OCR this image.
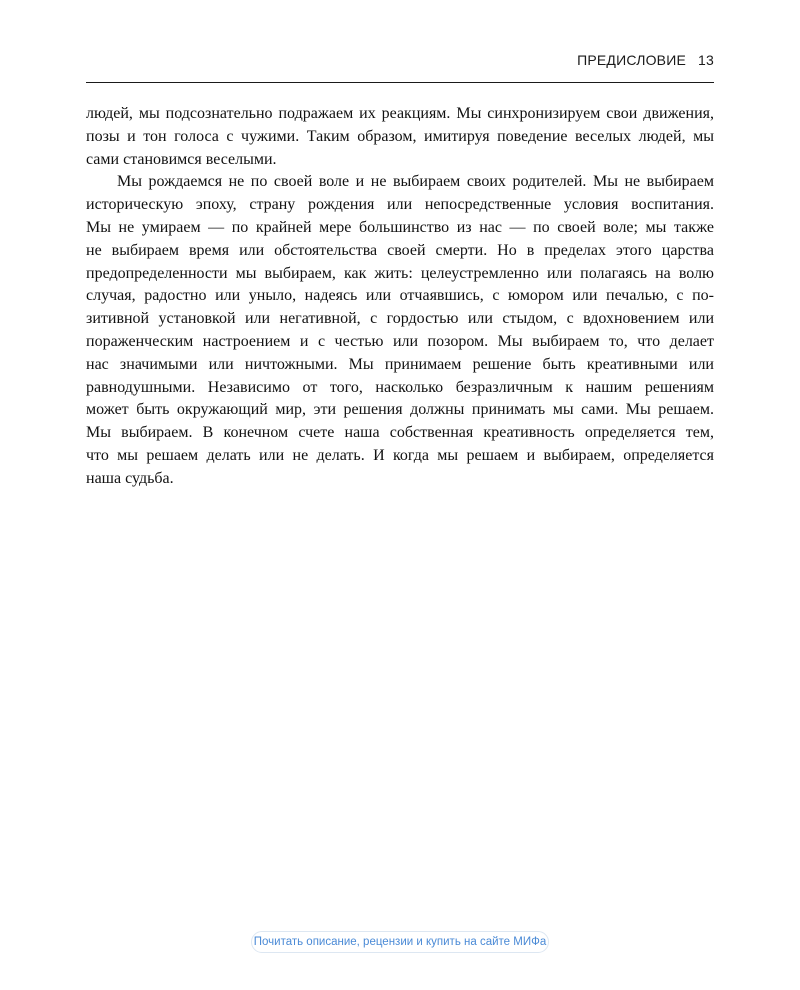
ПРЕДИСЛОВИЕ 13
людей, мы подсознательно подражаем их реакциям. Мы синхронизируем свои движения,
позы и тон голоса с чужими. Таким образом, имитируя поведение веселых людей, мы
сами становимся веселыми.
Мы рождаемся не по своей воле и не выбираем своих родителей. Мы не выбираем
историческую эпоху, страну рождения или непосредственные условия воспитания.
Мы не умираем — по крайней мере большинство из нас — по своей воле; мы также
не выбираем время или обстоятельства своей смерти. Но в пределах этого царства
предопределенности мы выбираем, как жить: целеустремленно или полагаясь на волю
случая, радостно или уныло, надеясь или отчаявшись, с юмором или печалью, с по-
зитивной установкой или негативной, с гордостью или стыдом, с вдохновением или
пораженческим настроением и с честью или позором. Мы выбираем то, что делает
нас значимыми или ничтожными. Мы принимаем решение быть креативными или
равнодушными. Независимо от того, насколько безразличным к нашим решениям
может быть окружающий мир, эти решения должны принимать мы сами. Мы решаем.
Мы выбираем. В конечном счете наша собственная креативность определяется тем,
что мы решаем делать или не делать. И когда мы решаем и выбираем, определяется
наша судьба.
Почитать описание, рецензии и купить на сайте МИФа
